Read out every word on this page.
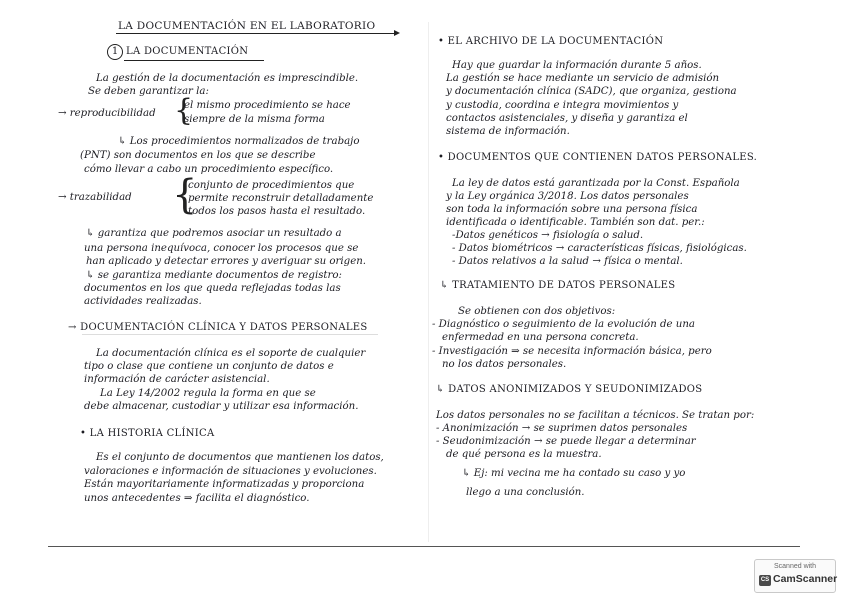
LA DOCUMENTACIÓN EN EL LABORATORIO
1 LA DOCUMENTACIÓN
La gestión de la documentación es imprescindible.
Se deben garantizar la:
→ reproducibilidad {
el mismo procedimiento se hace
siempre de la misma forma
↳ Los procedimientos normalizados de trabajo
(PNT) son documentos en los que se describe
cómo llevar a cabo un procedimiento específico.
→ trazabilidad {
conjunto de procedimientos que
permite reconstruir detalladamente
todos los pasos hasta el resultado.
↳ garantiza que podremos asociar un resultado a
una persona inequívoca, conocer los procesos que se
han aplicado y detectar errores y averiguar su origen.
↳ se garantiza mediante documentos de registro:
documentos en los que queda reflejadas todas las
actividades realizadas.
→ DOCUMENTACIÓN CLÍNICA Y DATOS PERSONALES
La documentación clínica es el soporte de cualquier
tipo o clase que contiene un conjunto de datos e
información de carácter asistencial.
La Ley 14/2002 regula la forma en que se
debe almacenar, custodiar y utilizar esa información.
• LA HISTORIA CLÍNICA
Es el conjunto de documentos que mantienen los datos,
valoraciones e información de situaciones y evoluciones.
Están mayoritariamente informatizadas y proporciona
unos antecedentes ⇒ facilita el diagnóstico.
• EL ARCHIVO DE LA DOCUMENTACIÓN
Hay que guardar la información durante 5 años.
La gestión se hace mediante un servicio de admisión
y documentación clínica (SADC), que organiza, gestiona
y custodia, coordina e integra movimientos y
contactos asistenciales, y diseña y garantiza el
sistema de información.
• DOCUMENTOS QUE CONTIENEN DATOS PERSONALES.
La ley de datos está garantizada por la Const. Española
y la Ley orgánica 3/2018. Los datos personales
son toda la información sobre una persona física
identificada o identificable. También son dat. per.:
-Datos genéticos → fisiología o salud.
- Datos biométricos → características físicas, fisiológicas.
- Datos relativos a la salud → física o mental.
↳ TRATAMIENTO DE DATOS PERSONALES
Se obtienen con dos objetivos:
- Diagnóstico o seguimiento de la evolución de una
enfermedad en una persona concreta.
- Investigación ⇒ se necesita información básica, pero
no los datos personales.
↳ DATOS ANONIMIZADOS Y SEUDONIMIZADOS
Los datos personales no se facilitan a técnicos. Se tratan por:
- Anonimización → se suprimen datos personales
- Seudonimización → se puede llegar a determinar
de qué persona es la muestra.
↳ Ej: mi vecina me ha contado su caso y yo
llego a una conclusión.
Scanned with
CS CamScanner
